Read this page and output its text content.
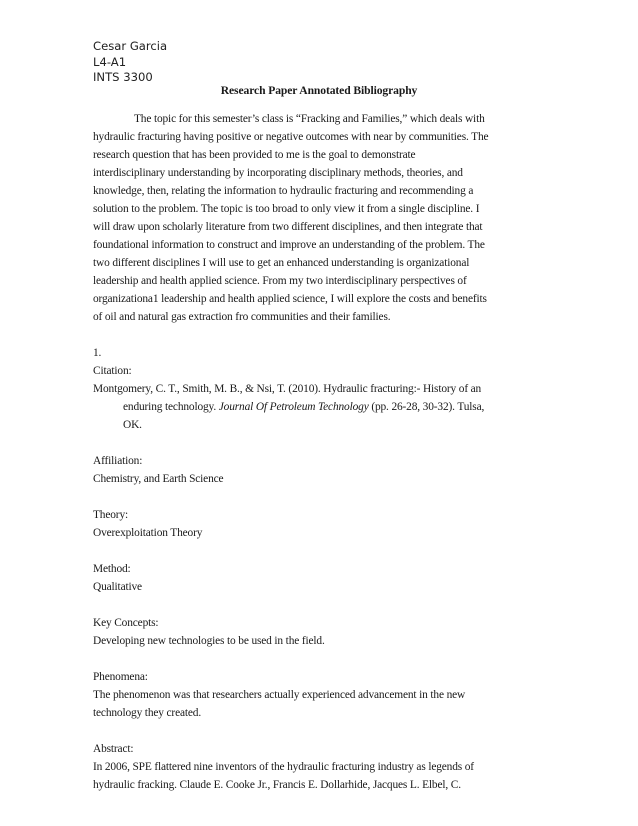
Cesar Garcia
L4-A1
INTS 3300
Research Paper Annotated Bibliography
The topic for this semester’s class is “Fracking and Families,” which deals with
hydraulic fracturing having positive or negative outcomes with near by communities. The
research question that has been provided to me is the goal to demonstrate
interdisciplinary understanding by incorporating disciplinary methods, theories, and
knowledge, then, relating the information to hydraulic fracturing and recommending a
solution to the problem. The topic is too broad to only view it from a single discipline. I
will draw upon scholarly literature from two different disciplines, and then integrate that
foundational information to construct and improve an understanding of the problem. The
two different disciplines I will use to get an enhanced understanding is organizational
leadership and health applied science. From my two interdisciplinary perspectives of
organizationa1 leadership and health applied science, I will explore the costs and benefits
of oil and natural gas extraction fro communities and their families.
1.
Citation:
Montgomery, C. T., Smith, M. B., & Nsi, T. (2010). Hydraulic fracturing:- History of an
enduring technology. Journal Of Petroleum Technology (pp. 26-28, 30-32). Tulsa,
OK.
Affiliation:
Chemistry, and Earth Science
Theory:
Overexploitation Theory
Method:
Qualitative
Key Concepts:
Developing new technologies to be used in the field.
Phenomena:
The phenomenon was that researchers actually experienced advancement in the new
technology they created.
Abstract:
In 2006, SPE flattered nine inventors of the hydraulic fracturing industry as legends of
hydraulic fracking. Claude E. Cooke Jr., Francis E. Dollarhide, Jacques L. Elbel, C.
